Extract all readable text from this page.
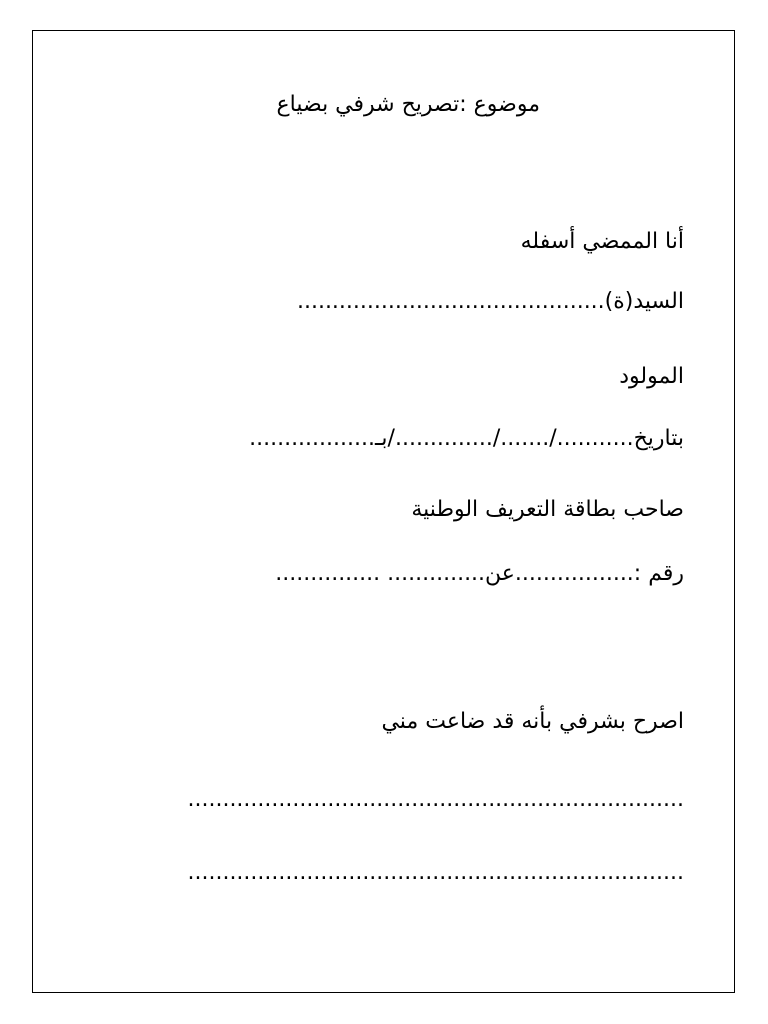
موضوع :تصريح شرفي بضياع
أنا الممضي أسفله
السيد(ة)............................................
المولود
بتاريخ.........../......./............../بـ..................
صاحب بطاقة التعريف الوطنية
رقم :.................عن.............. ...............
اصرح بشرفي بأنه قد ضاعت مني
.......................................................................
.......................................................................
